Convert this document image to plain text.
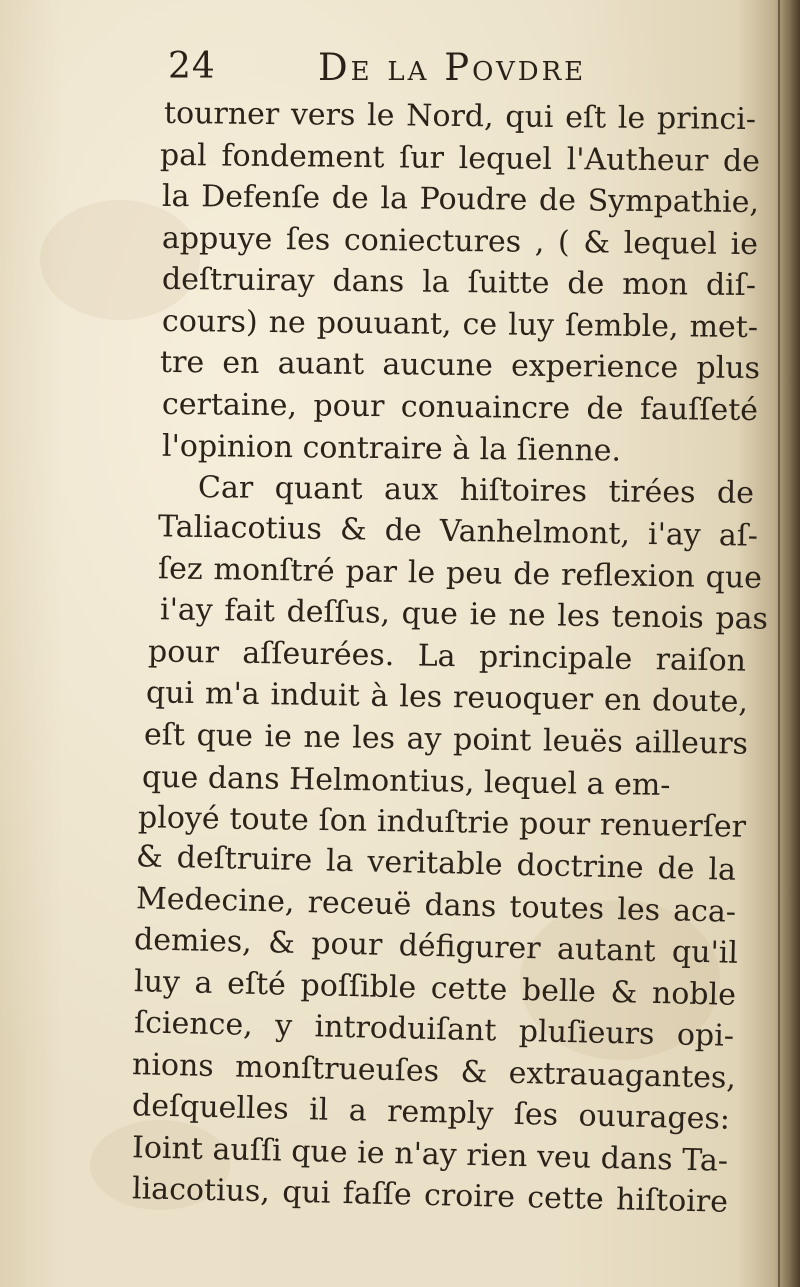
24	De la Povdre
tourner vers le Nord, qui eſt le princi-
pal fondement ſur lequel l'Autheur de
la Defenſe de la Poudre de Sympathie,
appuye ſes coniectures , ( & lequel ie
deſtruiray dans la ſuitte de mon diſ-
cours) ne pouuant, ce luy ſemble, met-
tre en auant aucune experience plus
certaine, pour conuaincre de fauſſeté
l'opinion contraire à la ſienne.
Car quant aux hiſtoires tirées de
Taliacotius & de Vanhelmont, i'ay aſ-
ſez monſtré par le peu de reflexion que
i'ay fait deſſus, que ie ne les tenois pas
pour aſſeurées. La principale raiſon
qui m'a induit à les reuoquer en doute,
eſt que ie ne les ay point leuës ailleurs
que dans Helmontius, lequel a em-
ployé toute ſon induſtrie pour renuerſer
& deſtruire la veritable doctrine de la
Medecine, receuë dans toutes les aca-
demies, & pour défigurer autant qu'il
luy a eſté poſſible cette belle & noble
ſcience, y introduiſant pluſieurs opi-
nions monſtrueuſes & extrauagantes,
deſquelles il a remply ſes ouurages:
Ioint auſſi que ie n'ay rien veu dans Ta-
liacotius, qui faſſe croire cette hiſtoire
